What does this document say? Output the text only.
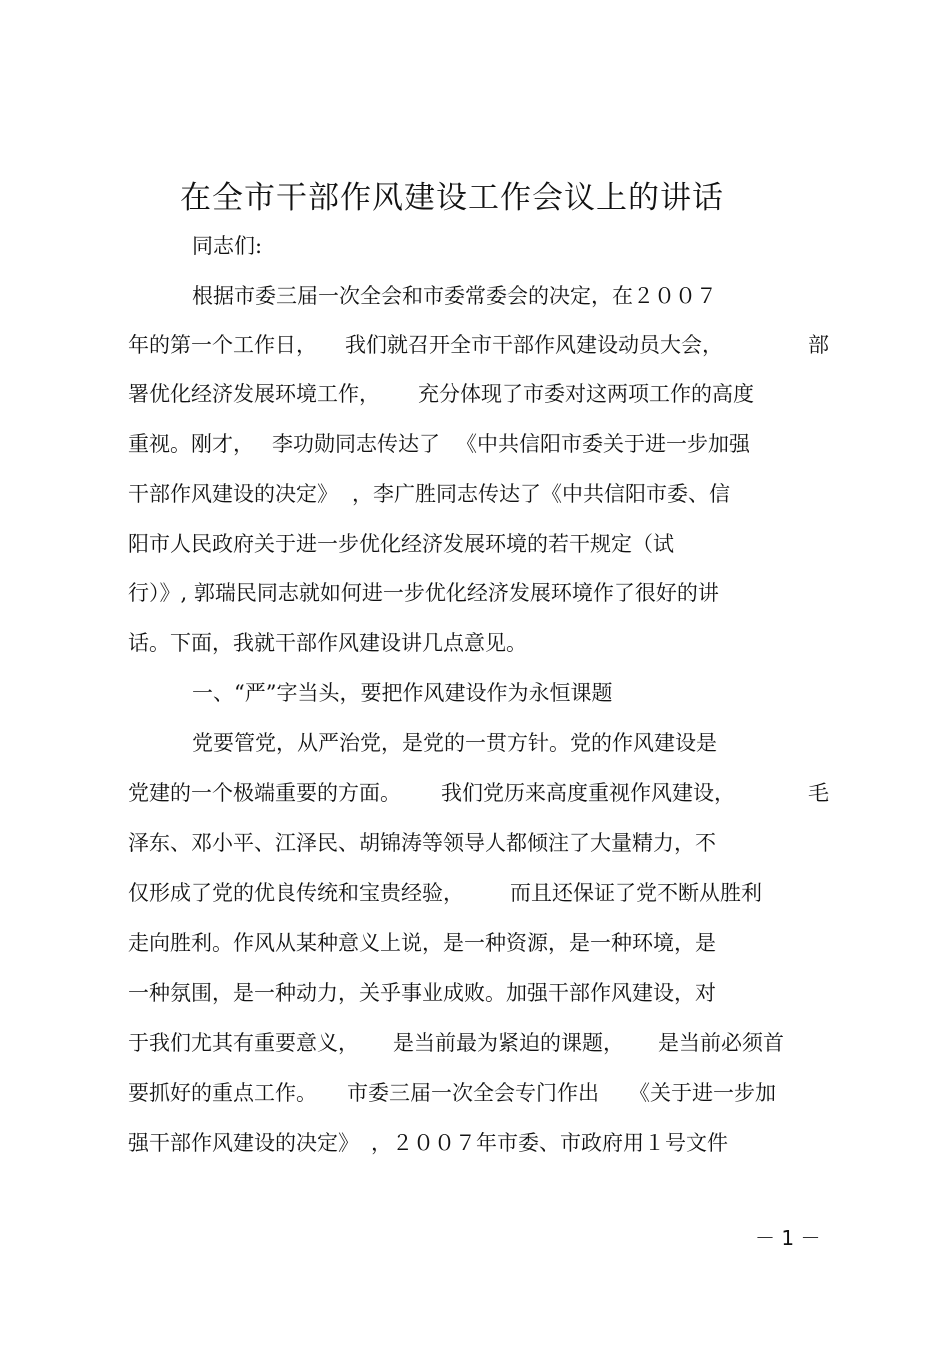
在全市干部作风建设工作会议上的讲话
同志们:
根据市委三届一次全会和市委常委会的决定，在２００７
年的第一个工作日， 我们就召开全市干部作风建设动员大会，	部
署优化经济发展环境工作， 充分体现了市委对这两项工作的高度
重视。刚才， 李功勋同志传达了 《中共信阳市委关于进一步加强
干部作风建设的决定》 ，李广胜同志传达了《中共信阳市委、信
阳市人民政府关于进一步优化经济发展环境的若干规定（试
行）》, 郭瑞民同志就如何进一步优化经济发展环境作了很好的讲
话。下面，我就干部作风建设讲几点意见。
一、“严”字当头，要把作风建设作为永恒课题
党要管党，从严治党，是党的一贯方针。党的作风建设是
党建的一个极端重要的方面。 我们党历来高度重视作风建设，	毛
泽东、邓小平、江泽民、胡锦涛等领导人都倾注了大量精力，不
仅形成了党的优良传统和宝贵经验， 而且还保证了党不断从胜利
走向胜利。作风从某种意义上说，是一种资源，是一种环境，是
一种氛围，是一种动力，关乎事业成败。加强干部作风建设，对
于我们尤其有重要意义， 是当前最为紧迫的课题， 是当前必须首
要抓好的重点工作。 市委三届一次全会专门作出 《关于进一步加
强干部作风建设的决定》 ，２００７年市委、市政府用１号文件
－ 1 －
